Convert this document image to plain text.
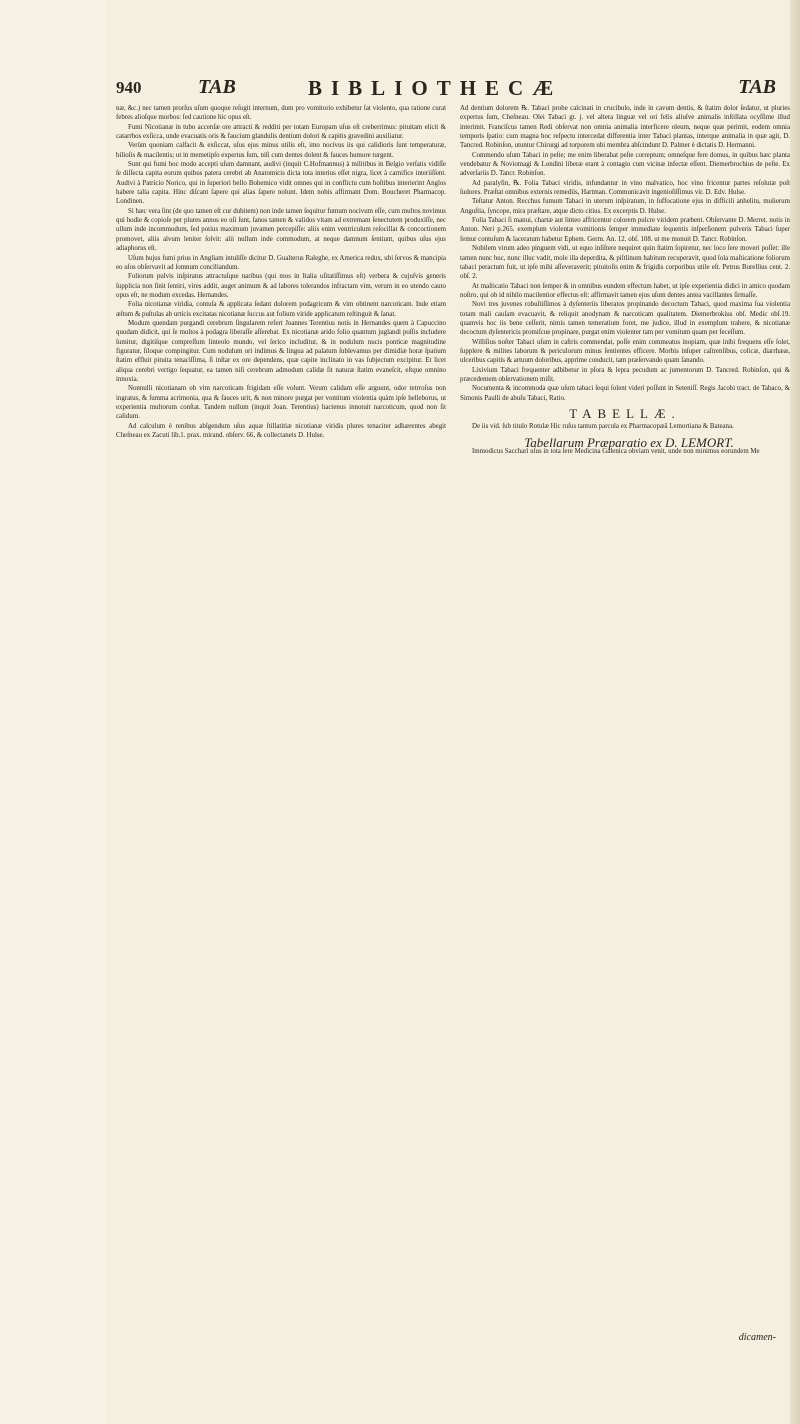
940	TAB	BIBLIOTHECÆ	TAB

næ, &c.) nec tamen prorſus uſum quoque reſugit internum, dum pro vomitorio exhibetur ſat violento, qua ratione curat febres alioſque morbos: ſed cautione hic opus eſt.

Fumi Nicotianæ in tubo accenſæ ore attracti & redditi per totam Europam uſus eſt creberrimus: pituitam elicit & catarrhos exſicca, unde evacuatis oris & faucium glandulis dentium dolori & capitis gravedini auxiliatur.

Verùm quoniam calfacit & exſiccat, uſus ejus minus utilis eſt, imo nocivus iis qui calidioris ſunt temperaturæ, bilioſis & macilentis; ut in memetipſo expertus ſum, niſi cum dentes dolent & fauces humore turgent.

Sunt qui fumi hoc modo accepti uſum damnant, audivi (inquit C.Hofmannus) à militibus in Belgio verſatis vidiſſe ſe diſſecta capita eorum quibus patera cerebri ab Anatomicis dicta tota interius eſſet nigra, licet à carnifice interiiſſent. Audivi à Patricio Norico, qui in ſuperiori bello Bohemico vidit omnes qui in conflictu cum hoſtibus interierint Anglos habere talia capita. Hinc diſcant ſapere qui alias ſapere nolunt. Idem nobis affirmant Dom. Boucheret Pharmacop. Londinen.

Si hæc vera ſint (de quo tamen eſt cur dubitem) non inde tamen ſequitur fumum nocivum eſſe, cum multos novimus qui hodie & copioſe per plures annos eo uſi ſunt, ſanos tamen & validos vitam ad extremam ſenectutem produxiſſe, nec ullum inde incommodum, ſed potius maximum juvamen percepiſſe: aliis enim ventriculum reſocillat & concoctionem promovet, aliis alvum leniter ſolvit: alii nullum inde commodum, at neque damnum ſentiunt, quibus uſus ejus adiaphorus eſt.

Uſum hujus fumi prius in Angliam intuliſſe dicitur D. Gualterus Raleghe, ex America redux, ubi ſervos & mancipia eo uſos obſervavit ad ſomnum conciliandum.

Foliorum pulvis inſpiratus attractuſque naribus (qui mos in Italia uſitatiſſimus eſt) verbera & cujuſvis generis ſupplicia non ſinit ſentiri, vires addit, auget animum & ad labores tolerandos infractam vim, verum in eo utendo cauto opus eſt, ne modum excedas. Hernandes.

Folia nicotianæ viridia, contuſa & applicata ſedant dolorem podagricum & vim obtinent narcoticam. Inde etiam æſtum & puſtulas ab urticis excitatas nicotianæ ſuccus aut folium viride applicatum reſtinguit & ſanat.

Modum quendam purgandi cerebrum ſingularem refert Joannes Terentius notis in Hernandes quem à Capuccino quodam didicit, qui ſe multos à podagra liberaſſe aſſerebat. Ex nicotianæ arido folio quantum juglandi poſſis includere ſumitur, digitiſque compreſſum linteolo mundo, vel ſerico includitur, & in nodulum nucis ponticæ magnitudine figuratur, ſiloque compingitur. Cum nodulum ori indimus & lingua ad palatum ſublevamus per dimidiæ horæ ſpatium ſtatim effluit pituita tenaciſſima, ſi inſtar ex ore dependens, quæ capite inclinato in vas ſubjectum excipitur. Et licet aliqua cerebri vertigo ſequatur, ea tamen niſi cerebrum admodum calidæ ſit naturæ ſtatim evaneſcit, eſtque omnino innoxia.

Nonnulli nicotianam ob vim narcoticam frigidam eſſe volunt. Verum calidam eſſe arguunt, odor tetrroſus non ingratus, & ſumma acrimonia, qua & fauces urit, & non minore purgat per vomitum violentia quàm ipſe helleborus, ut experientia multorum conſtat. Tandem nullum (inquit Joan. Terentius) hactenus innotuit narcoticum, quod non ſit calidum.

Ad calculum è renibus abſgendum uſus aquæ ſtillatitiæ nicotianæ viridis plures tenaciter adhærentes abegit Cheſneau ex Zacuti lib.1. prax. mirand. obſerv. 66, & collectaneis D. Hulse.

Ad dentium dolorem ℞. Tabaci probe calcinati in crucibulo, inde in cavum dentis, & ſtatim dolor ſedatur, ut pluries expertus ſum, Cheſneau. Olei Tabaci gt. j. vel altera linguæ vel ori felis aliuſve animalis inſtillata ocyſſime illud interimit. Franciſcus tamen Redi obſervat non omnia animalia interficere oleum, neque quæ perimit, eodem omnia temporis ſpatio: cum magna hoc reſpectu intercedat differentia inter Tabaci plantas, interque animalia in quæ agit, D. Tancred. Robinſon, utuntur Chirurgi ad torporem ubi membra abſcindunt D. Palmer è dictatis D. Hermanni.

Commendo uſum Tabaci in peſte; me enim liberabat peſte correptum; omneſque fere domus, in quibus hæc planta vendebatur & Noviomagi & Londini liberæ erant à contagio cum vicinæ infectæ eſſent. Diemerbrochius de peſte. Ex adverſariis D. Tancr. Robinſon.

Ad paralyſin, ℞. Folia Tabaci viridis, infundantur in vino malvatico, hoc vino fricentur partes reſolutæ poſt ſudores. Præſtat omnibus externis remediis, Hartman. Communicavit ingenioſiſſimus vir. D. Edv. Hulse.

Teſtatur Anton. Recchus fumum Tabaci in uterum inſpiratum, in ſuffocatione ejus in difficili anhelitu, mulierum Anguſtia, ſyncope, mira præſtare, atque dicto citius. Ex excerptis D. Hulse.

Folia Tabaci ſi manui, chartæ aut linteo affricentur colorem pulcre viridem præbent. Obſervante D. Merret. notis in Anton. Neri p.265. exemplum violentæ vomitionis ſemper immediate ſequentis inſperſionem pulveris Tabaci ſuper femur contuſum & laceratum habetur Ephem. Germ. An. 12. obſ. 108. ut me monuit D. Tancr. Robinſon.

Nobilem virum adeo pinguem vidi, ut equo inſiſtere nequiret quin ſtatim ſopiretur, nec loco ſere moveri poſſet: ille tamen nunc huc, nunc illuc vadit, mole illa deperdita, & piſtlinum habitum recuperavit, quod ſola maſticatione foliorum tabaci peractum fuit, ut ipſe mihi aſſeveraverit; pituitoſis enim & frigidis corporibus utile eſt. Petrus Borellius cent. 2. obſ. 2.

At maſticatio Tabaci non ſemper & in omnibus eundem effectum habet, ut ipſe experientia didici in amico quodam noſtro, qui ob id nihilo macilentior effectus eſt: affirmavit tamen ejus uſum dentes antea vacillantes ſirmaſſe.

Novi tres juvenes robuſtiſſimos à dyſenteriis liberatos propinando decoctum Tabaci, quod maxima ſua violentia totam mali cauſam evacuavit, & reliquit anodynam & narcoticam qualitatem. Diemerbrokius obſ. Medic obſ.19. quamvis hoc iis bene ceſſerit, nimis tamen temeratium foret, me judice, illud in exemplum trahere, & nicotianæ decoctum dyſentericis promiſcue propinare, purgat enim violenter tam per vomitum quam per ſeceſſum.

Williſius noſter Tabaci uſum in caſtris commendat, poſſe enim commeatus inopiam, quæ inibi frequens eſſe ſolet, ſupplere & milites laborum & periculorum minus ſentientes efficere. Morbis inſuper caſtrenſibus, colicæ, diarrhææ, ulceribus capitis & artuum doloribus, apprime conducit, tam præſervando quam ſanando.

Lixivium Tabaci frequenter adhibetur in pſora & lepra pecudum ac jumentorum D. Tancred. Robinſon, qui & præcedentem obſervationem miſit.

Nocumenta & incommoda quæ uſum tabaci ſequi ſolent videri poſſunt in Seteniſſ. Regis Jacobi tract. de Tabaco, & Simonis Paulli de abuſu Tabaci, Ratio.

TABELLÆ.

De iis vid. ſub titulo Rotulæ Hic ruſus tantum parcula ex Pharmacopæâ Lemortiana & Bateana.

Tabellarum Præparatio ex D. LEMORT.

Immodicus Saccharì uſus in tota ſere Medicina Galenica obviam venit, unde non minimus eorundem Me

dicamen-
